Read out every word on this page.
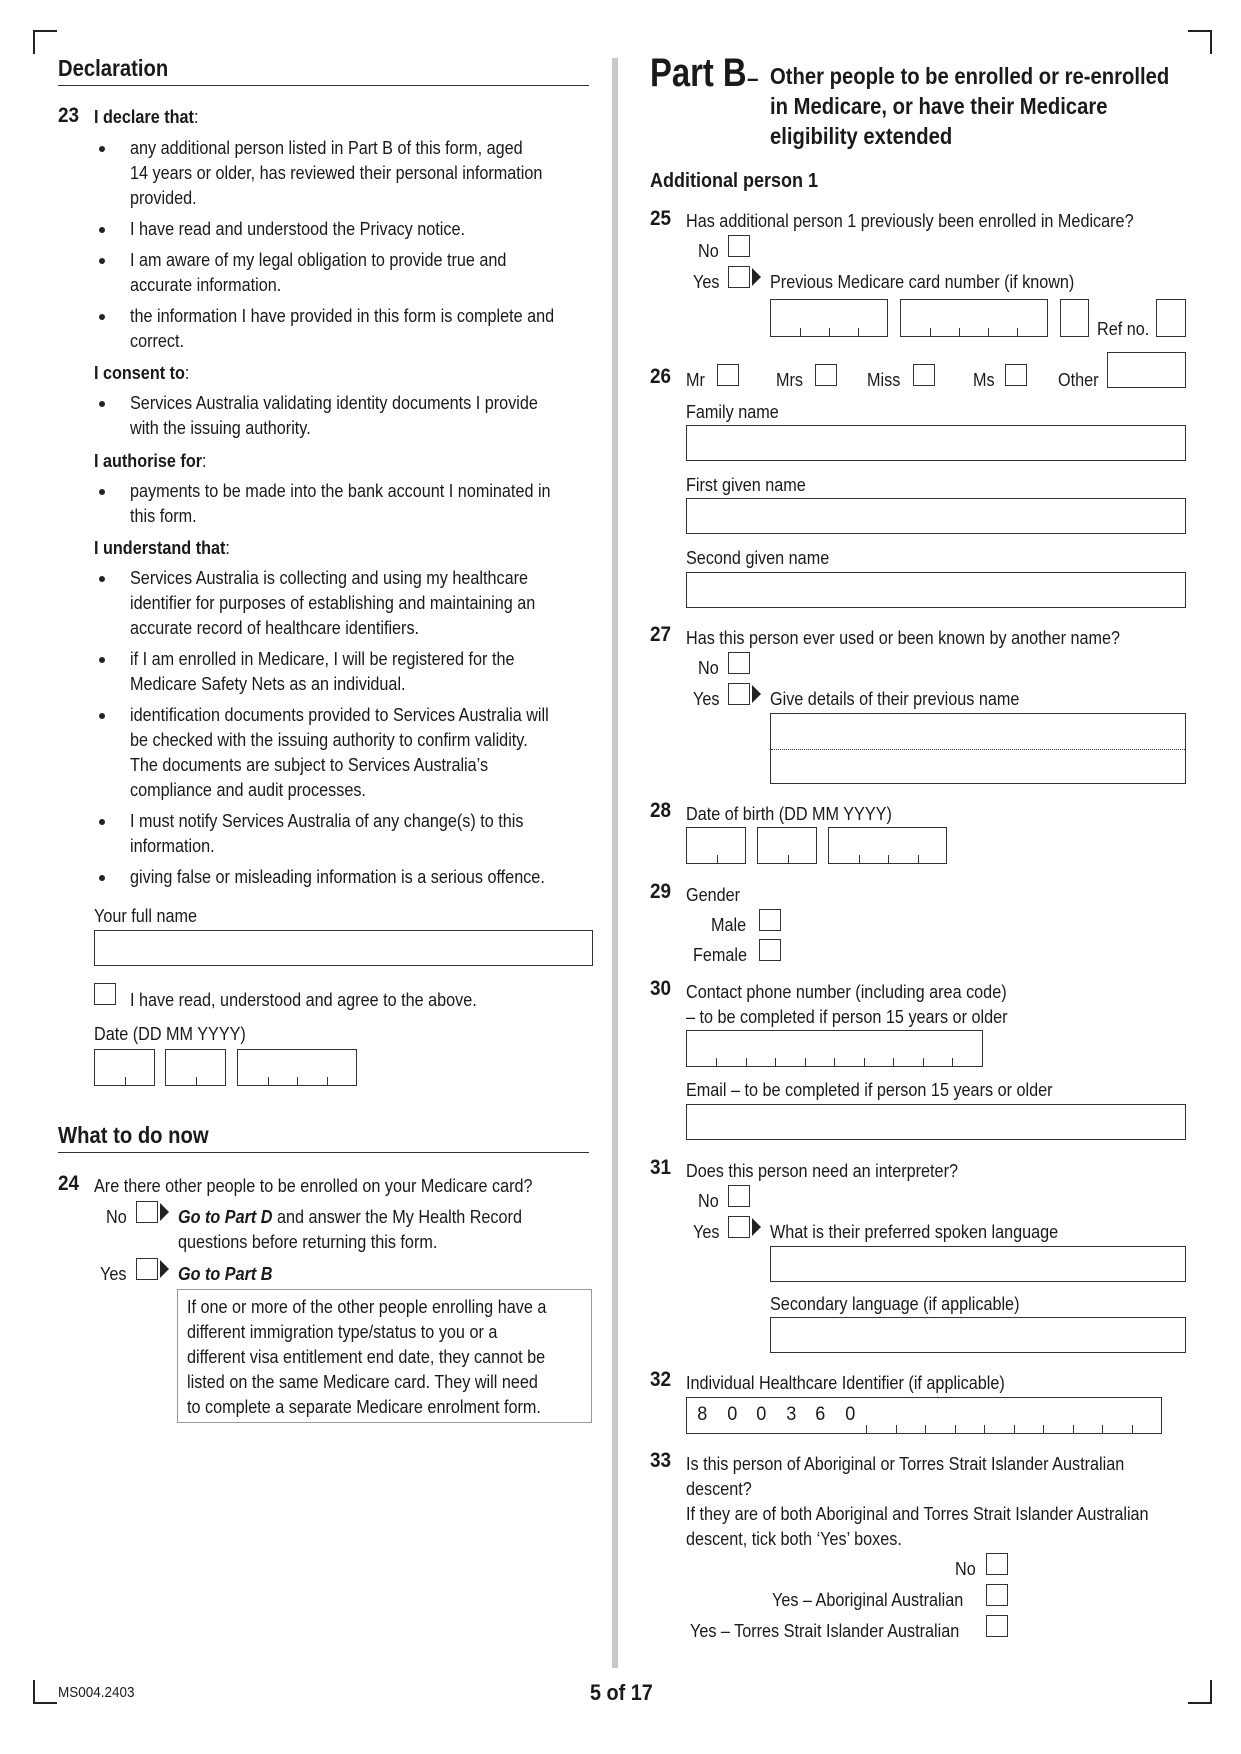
Declaration
23 I declare that:
any additional person listed in Part B of this form, aged
14 years or older, has reviewed their personal information
provided.
I have read and understood the Privacy notice.
I am aware of my legal obligation to provide true and
accurate information.
the information I have provided in this form is complete and
correct.
I consent to:
Services Australia validating identity documents I provide
with the issuing authority.
I authorise for:
payments to be made into the bank account I nominated in
this form.
I understand that:
Services Australia is collecting and using my healthcare
identifier for purposes of establishing and maintaining an
accurate record of healthcare identifiers.
if I am enrolled in Medicare, I will be registered for the
Medicare Safety Nets as an individual.
identification documents provided to Services Australia will
be checked with the issuing authority to confirm validity.
The documents are subject to Services Australia’s
compliance and audit processes.
I must notify Services Australia of any change(s) to this
information.
giving false or misleading information is a serious offence.
Your full name
I have read, understood and agree to the above.
Date (DD MM YYYY)
What to do now
24 Are there other people to be enrolled on your Medicare card?
No	Go to Part D and answer the My Health Record
questions before returning this form.
Yes	Go to Part B
If one or more of the other people enrolling have a
different immigration type/status to you or a
different visa entitlement end date, they cannot be
listed on the same Medicare card. They will need
to complete a separate Medicare enrolment form.
MS004.2403	5 of 17
Part B – Other people to be enrolled or re-enrolled
in Medicare, or have their Medicare
eligibility extended
Additional person 1
25 Has additional person 1 previously been enrolled in Medicare?
No
Yes	Previous Medicare card number (if known)
Ref no.
26 Mr	Mrs	Miss	Ms	Other
Family name
First given name
Second given name
27 Has this person ever used or been known by another name?
No
Yes	Give details of their previous name
28 Date of birth (DD MM YYYY)
29 Gender
Male
Female
30 Contact phone number (including area code)
– to be completed if person 15 years or older
Email – to be completed if person 15 years or older
31 Does this person need an interpreter?
No
Yes	What is their preferred spoken language
Secondary language (if applicable)
32 Individual Healthcare Identifier (if applicable)
8 0 0 3 6 0
33 Is this person of Aboriginal or Torres Strait Islander Australian
descent?
If they are of both Aboriginal and Torres Strait Islander Australian
descent, tick both ‘Yes’ boxes.
No
Yes – Aboriginal Australian
Yes – Torres Strait Islander Australian
